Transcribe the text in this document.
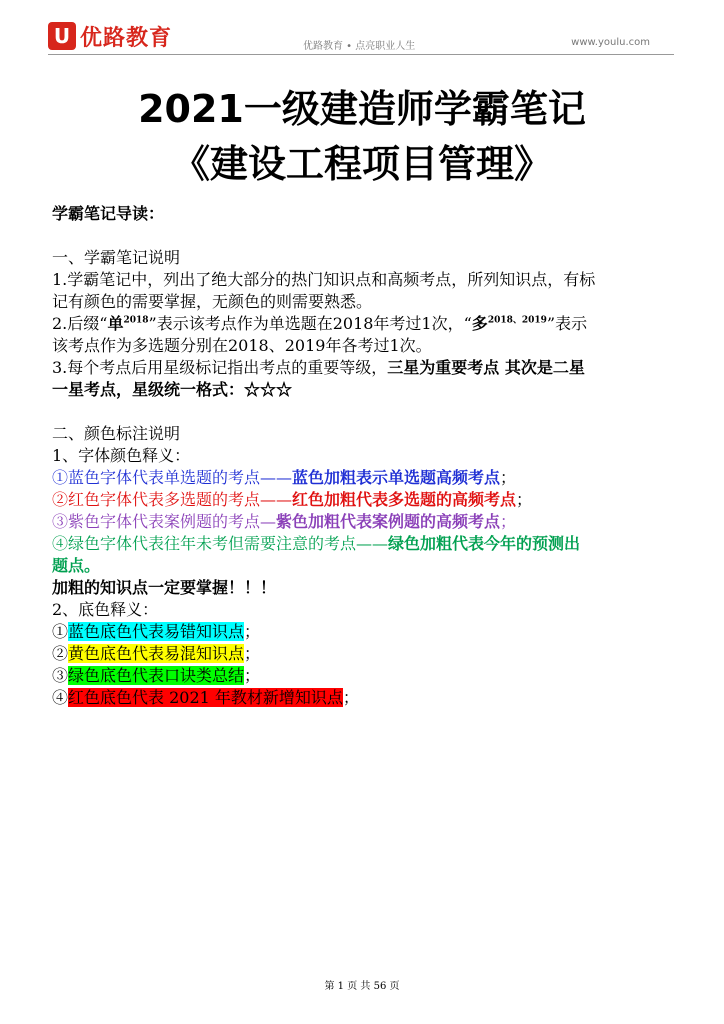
U 优路教育	优路教育 • 点亮职业人生	www.youlu.com
2021一级建造师学霸笔记
《建设工程项目管理》
学霸笔记导读：
一、学霸笔记说明
1.学霸笔记中，列出了绝大部分的热门知识点和高频考点，所列知识点，有标
记有颜色的需要掌握，无颜色的则需要熟悉。
2.后缀“单$^{2018}$”表示该考点作为单选题在2018年考过1次，“多$^{2018、2019}$”表示
该考点作为多选题分别在2018、2019年各考过1次。
3.每个考点后用星级标记指出考点的重要等级，三星为重要考点 其次是二星
一星考点，星级统一格式：☆☆☆
二、颜色标注说明
1、字体颜色释义：
①蓝色字体代表单选题的考点——蓝色加粗表示单选题高频考点；
②红色字体代表多选题的考点——红色加粗代表多选题的高频考点；
③紫色字体代表案例题的考点—紫色加粗代表案例题的高频考点；
④绿色字体代表往年未考但需要注意的考点——绿色加粗代表今年的预测出
题点。
加粗的知识点一定要掌握！！！
2、底色释义：
①蓝色底色代表易错知识点；
②黄色底色代表易混知识点；
③绿色底色代表口诀类总结；
④红色底色代表 2021 年教材新增知识点；
第 1 页 共 56 页
